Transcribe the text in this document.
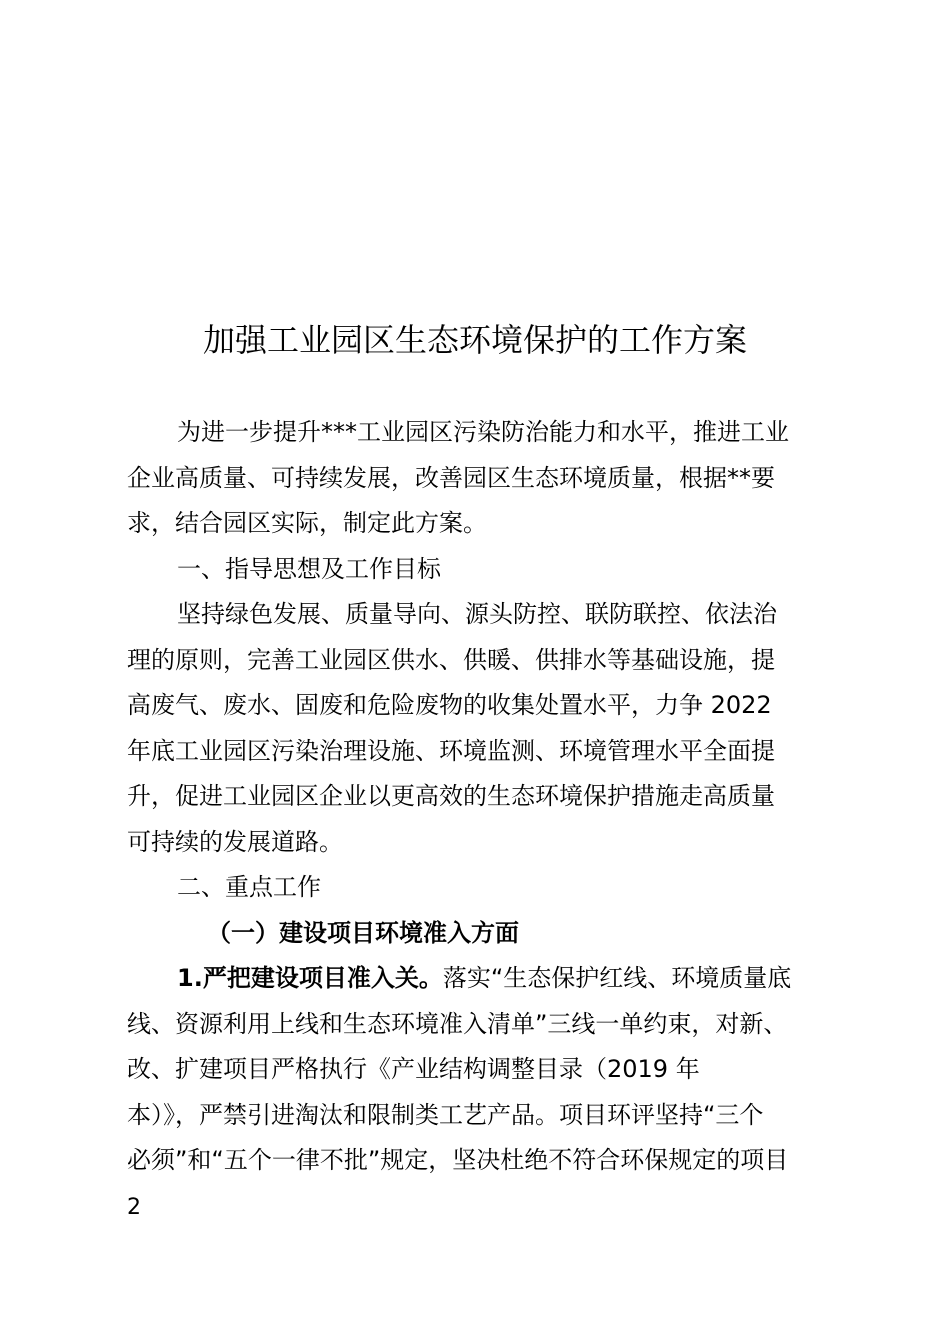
加强工业园区生态环境保护的工作方案
为进一步提升***工业园区污染防治能力和水平，推进工业
企业高质量、可持续发展，改善园区生态环境质量，根据**要
求，结合园区实际，制定此方案。
一、指导思想及工作目标
坚持绿色发展、质量导向、源头防控、联防联控、依法治
理的原则，完善工业园区供水、供暖、供排水等基础设施，提
高废气、废水、固废和危险废物的收集处置水平，力争 2022
年底工业园区污染治理设施、环境监测、环境管理水平全面提
升，促进工业园区企业以更高效的生态环境保护措施走高质量
可持续的发展道路。
二、重点工作
（一）建设项目环境准入方面
1.严把建设项目准入关。落实“生态保护红线、环境质量底
线、资源利用上线和生态环境准入清单”三线一单约束，对新、
改、扩建项目严格执行《产业结构调整目录（2019 年
本）》，严禁引进淘汰和限制类工艺产品。项目环评坚持“三个
必须”和“五个一律不批”规定，坚决杜绝不符合环保规定的项目
2
